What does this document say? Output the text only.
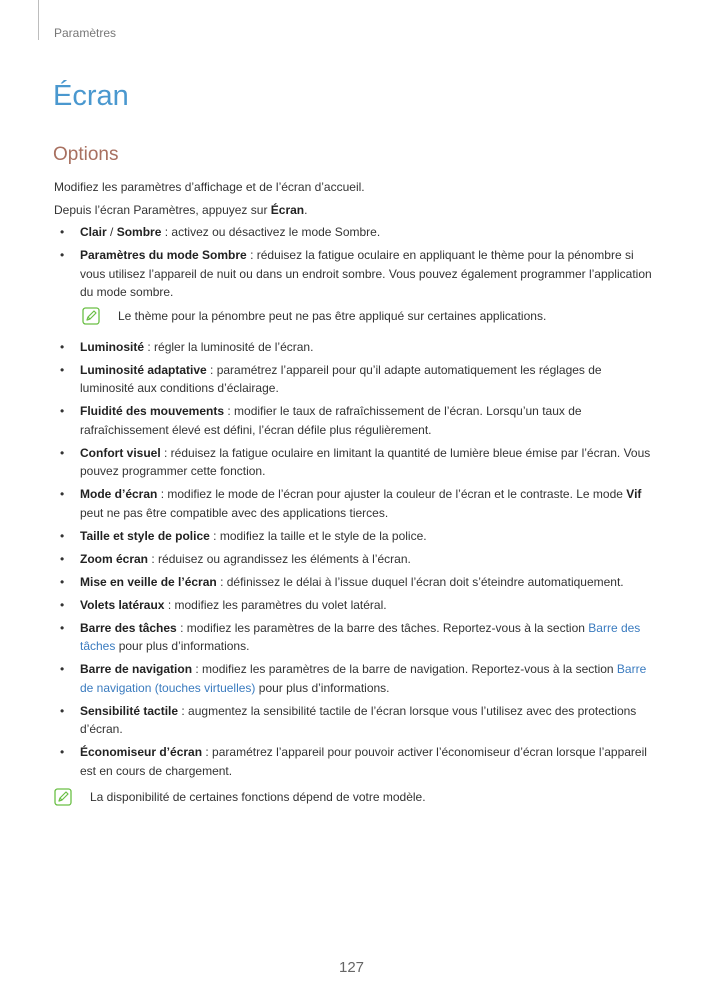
Paramètres
Écran
Options

Modifiez les paramètres d’affichage et de l’écran d’accueil.

Depuis l’écran Paramètres, appuyez sur Écran.

• Clair / Sombre : activez ou désactivez le mode Sombre.
• Paramètres du mode Sombre : réduisez la fatigue oculaire en appliquant le thème pour la pénombre si vous utilisez l’appareil de nuit ou dans un endroit sombre. Vous pouvez également programmer l’application du mode sombre.
Le thème pour la pénombre peut ne pas être appliqué sur certaines applications.
• Luminosité : régler la luminosité de l’écran.
• Luminosité adaptative : paramétrez l’appareil pour qu’il adapte automatiquement les réglages de luminosité aux conditions d’éclairage.
• Fluidité des mouvements : modifier le taux de rafraîchissement de l’écran. Lorsqu’un taux de rafraîchissement élevé est défini, l’écran défile plus régulièrement.
• Confort visuel : réduisez la fatigue oculaire en limitant la quantité de lumière bleue émise par l’écran. Vous pouvez programmer cette fonction.
• Mode d’écran : modifiez le mode de l’écran pour ajuster la couleur de l’écran et le contraste. Le mode Vif peut ne pas être compatible avec des applications tierces.
• Taille et style de police : modifiez la taille et le style de la police.
• Zoom écran : réduisez ou agrandissez les éléments à l’écran.
• Mise en veille de l’écran : définissez le délai à l’issue duquel l’écran doit s’éteindre automatiquement.
• Volets latéraux : modifiez les paramètres du volet latéral.
• Barre des tâches : modifiez les paramètres de la barre des tâches. Reportez-vous à la section Barre des tâches pour plus d’informations.
• Barre de navigation : modifiez les paramètres de la barre de navigation. Reportez-vous à la section Barre de navigation (touches virtuelles) pour plus d’informations.
• Sensibilité tactile : augmentez la sensibilité tactile de l’écran lorsque vous l’utilisez avec des protections d’écran.
• Économiseur d’écran : paramétrez l’appareil pour pouvoir activer l’économiseur d’écran lorsque l’appareil est en cours de chargement.
La disponibilité de certaines fonctions dépend de votre modèle.
127
